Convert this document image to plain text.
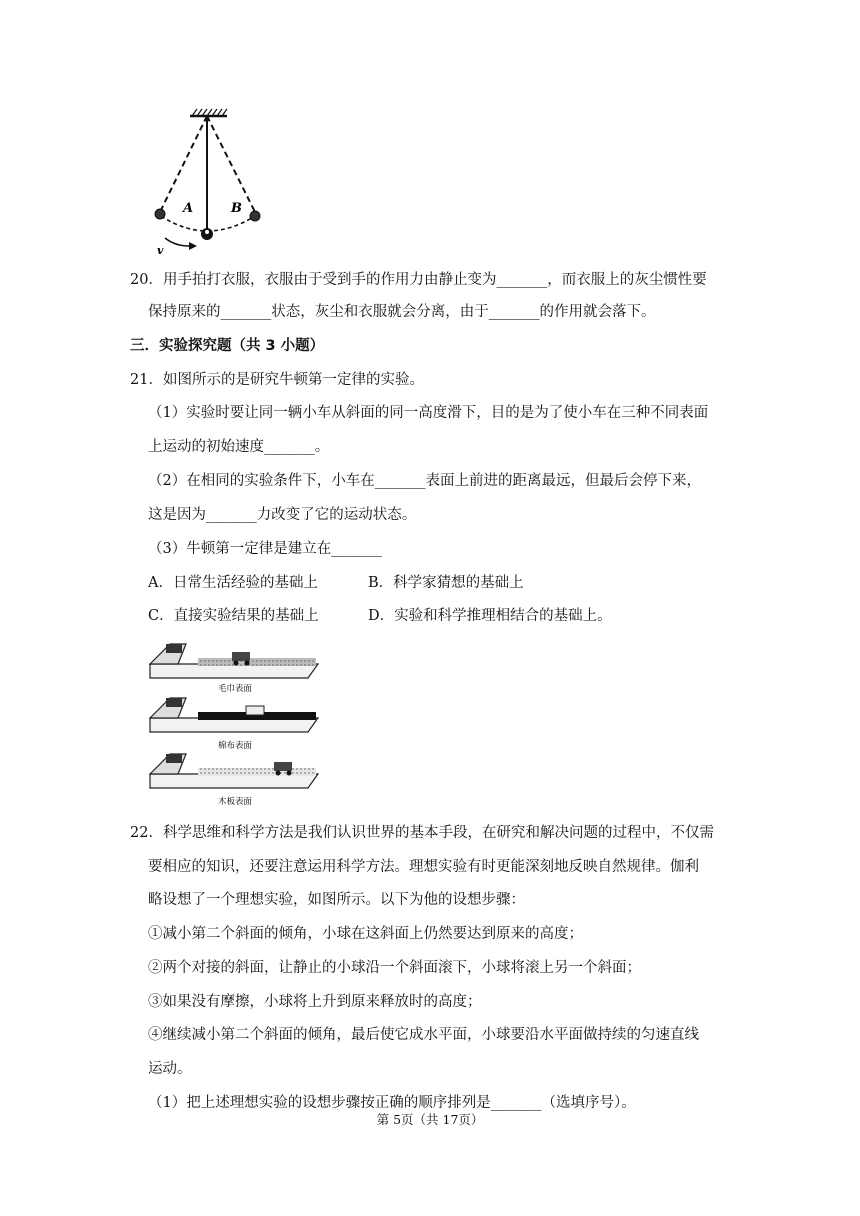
A	B
v
20．用手拍打衣服，衣服由于受到手的作用力由静止变为_______，而衣服上的灰尘惯性要
保持原来的_______状态，灰尘和衣服就会分离，由于_______的作用就会落下。
三．实验探究题（共 3 小题）
21．如图所示的是研究牛顿第一定律的实验。
（1）实验时要让同一辆小车从斜面的同一高度滑下，目的是为了使小车在三种不同表面
上运动的初始速度_______。
（2）在相同的实验条件下，小车在_______表面上前进的距离最远，但最后会停下来，
这是因为_______力改变了它的运动状态。
（3）牛顿第一定律是建立在_______
A．日常生活经验的基础上	B．科学家猜想的基础上
C．直接实验结果的基础上	D．实验和科学推理相结合的基础上。
毛巾表面
棉布表面
木板表面
22．科学思维和科学方法是我们认识世界的基本手段，在研究和解决问题的过程中，不仅需
要相应的知识，还要注意运用科学方法。理想实验有时更能深刻地反映自然规律。伽利
略设想了一个理想实验，如图所示。以下为他的设想步骤：
①减小第二个斜面的倾角，小球在这斜面上仍然要达到原来的高度；
②两个对接的斜面，让静止的小球沿一个斜面滚下，小球将滚上另一个斜面；
③如果没有摩擦，小球将上升到原来释放时的高度；
④继续减小第二个斜面的倾角，最后使它成水平面，小球要沿水平面做持续的匀速直线
运动。
（1）把上述理想实验的设想步骤按正确的顺序排列是_______（选填序号）。
第 5页（共 17页）
